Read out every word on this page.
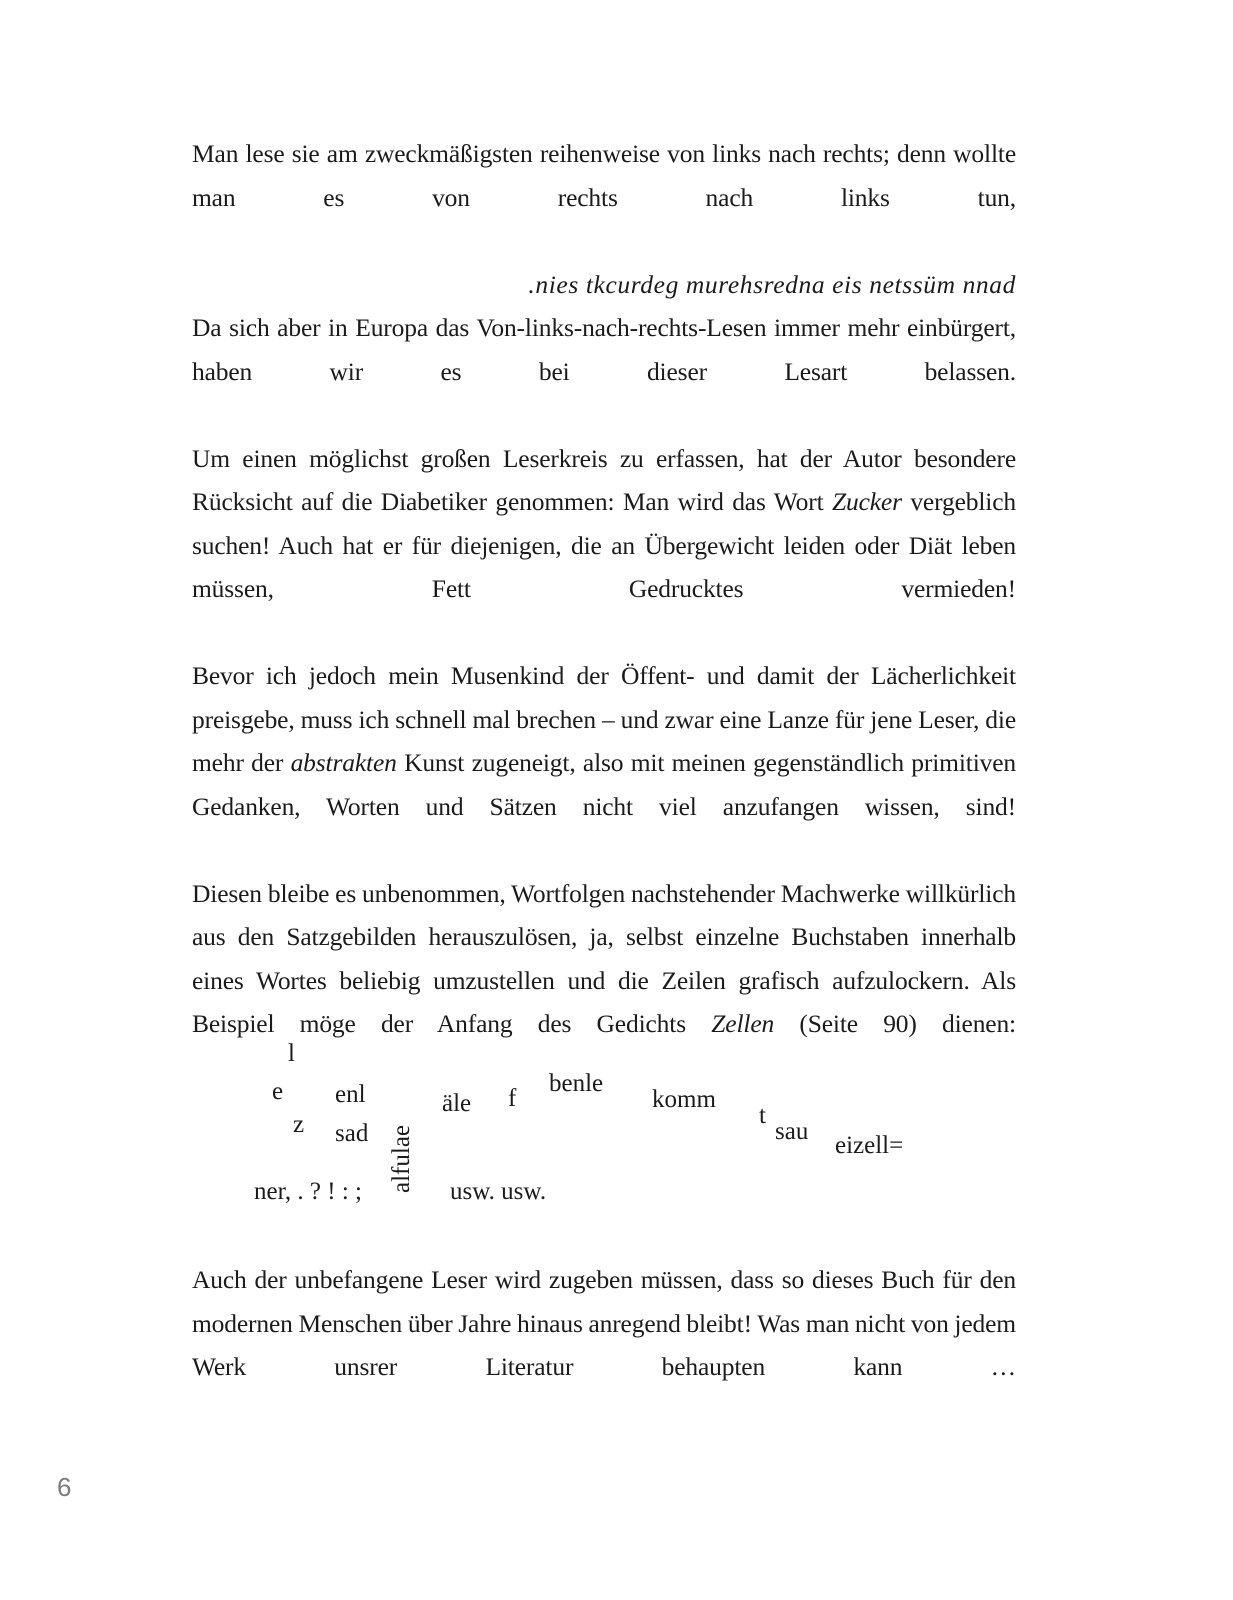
Man lese sie am zweckmäßigsten reihenweise von links nach rechts; denn wollte man es von rechts nach links tun,

.nies tkcurdeg murehsredna eis netssüm nnad

Da sich aber in Europa das Von-links-nach-rechts-Lesen immer mehr einbürgert, haben wir es bei dieser Lesart belassen.

Um einen möglichst großen Leserkreis zu erfassen, hat der Autor besondere Rücksicht auf die Diabetiker genommen: Man wird das Wort Zucker vergeblich suchen! Auch hat er für diejenigen, die an Übergewicht leiden oder Diät leben müssen, Fett Gedrucktes vermieden!

Bevor ich jedoch mein Musenkind der Öffent- und damit der Lächerlichkeit preisgebe, muss ich schnell mal brechen – und zwar eine Lanze für jene Leser, die mehr der abstrakten Kunst zugeneigt, also mit meinen gegenständlich primitiven Gedanken, Worten und Sätzen nicht viel anzufangen wissen, sind!

Diesen bleibe es unbenommen, Wortfolgen nachstehender Machwerke willkürlich aus den Satzgebilden herauszulösen, ja, selbst einzelne Buchstaben innerhalb eines Wortes beliebig umzustellen und die Zeilen grafisch aufzulockern. Als Beispiel möge der Anfang des Gedichts Zellen (Seite 90) dienen:

l
e
z
enl
sad alfulae
äle f
benle
komm
t
sau
eizell=
ner, . ? ! : ;	usw. usw.

Auch der unbefangene Leser wird zugeben müssen, dass so dieses Buch für den modernen Menschen über Jahre hinaus anregend bleibt! Was man nicht von jedem Werk unsrer Literatur behaupten kann …

6
